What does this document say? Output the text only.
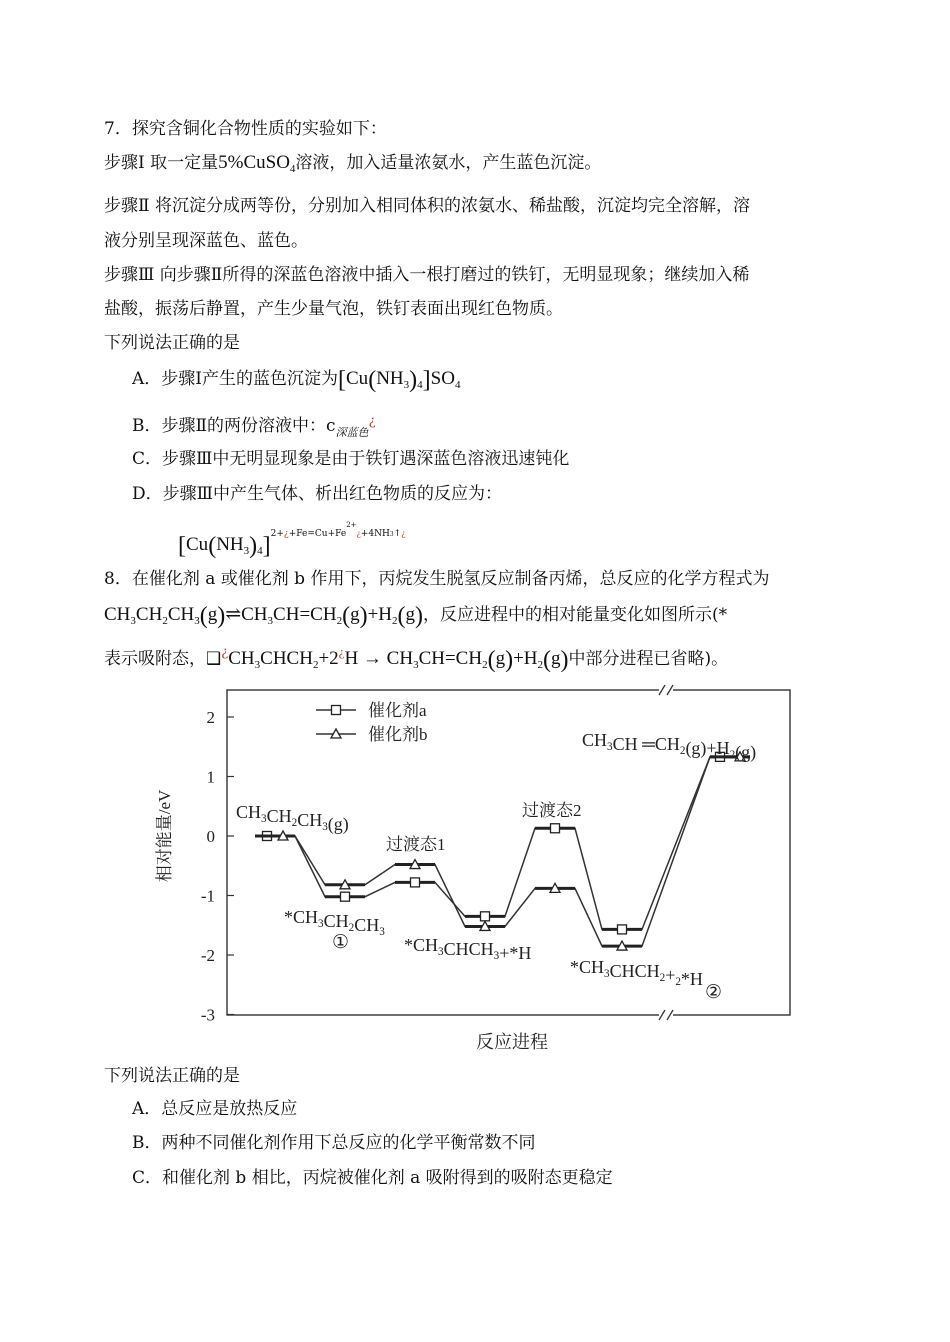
7．探究含铜化合物性质的实验如下：
步骤Ⅰ 取一定量5%CuSO$_4$溶液，加入适量浓氨水，产生蓝色沉淀。
步骤Ⅱ 将沉淀分成两等份，分别加入相同体积的浓氨水、稀盐酸，沉淀均完全溶解，溶
液分别呈现深蓝色、蓝色。
步骤Ⅲ 向步骤Ⅱ所得的深蓝色溶液中插入一根打磨过的铁钉，无明显现象；继续加入稀
盐酸，振荡后静置，产生少量气泡，铁钉表面出现红色物质。
下列说法正确的是
A．步骤Ⅰ产生的蓝色沉淀为$[Cu(NH_3)_4]SO_4$
B．步骤Ⅱ的两份溶液中：$c_{深蓝色}^¿$
C．步骤Ⅲ中无明显现象是由于铁钉遇深蓝色溶液迅速钝化
D．步骤Ⅲ中产生气体、析出红色物质的反应为：
$[Cu(NH_3)_4]^{2+¿+Fe=Cu+Fe^{2+}¿+4NH3↑¿}$
8．在催化剂 a 或催化剂 b 作用下，丙烷发生脱氢反应制备丙烯，总反应的化学方程式为
$CH_3CH_2CH_3(g)\rightleftharpoons CH_3CH=CH_2(g)+H_2(g)$，反应进程中的相对能量变化如图所示(*
表示吸附态，$❑^¿CH_3CHCH_2+2^¿H \to CH_3CH=CH_2(g)+H_2(g)$中部分进程已省略)。
2
1
0
-1
-2
-3
相对能量/eV
反应进程
催化剂a
催化剂b
$CH_3CH_2CH_3(g)$
过渡态1
过渡态2
$*CH_3CH_2CH_3$
①	$*CH_3CHCH_3+*H$
$*CH_3CHCH_2+_2*H$
②
$CH_3CH$ $═CH_2(g)+H_2(g)$
下列说法正确的是
A．总反应是放热反应
B．两种不同催化剂作用下总反应的化学平衡常数不同
C．和催化剂 b 相比，丙烷被催化剂 a 吸附得到的吸附态更稳定
